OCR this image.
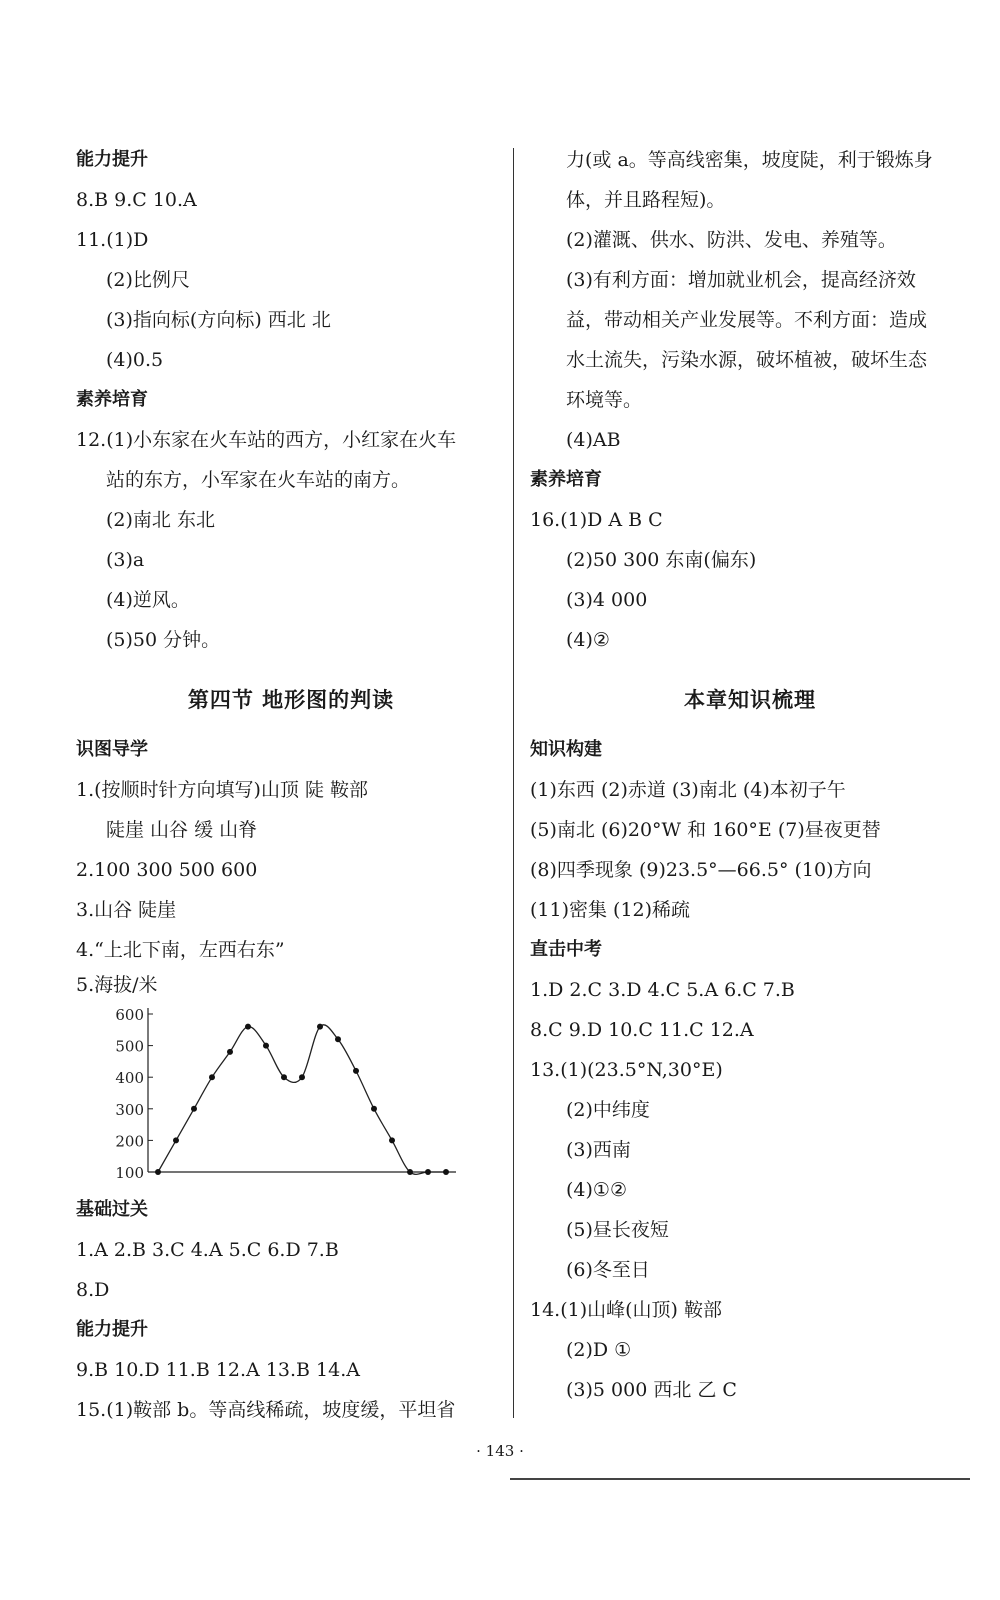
能力提升
8.B 9.C 10.A
11.(1)D
(2)比例尺
(3)指向标(方向标) 西北 北
(4)0.5
素养培育
12.(1)小东家在火车站的西方，小红家在火车
站的东方，小军家在火车站的南方。
(2)南北 东北
(3)a
(4)逆风。
(5)50 分钟。
第四节 地形图的判读
识图导学
1.(按顺时针方向填写)山顶 陡 鞍部
陡崖 山谷 缓 山脊
2.100 300 500 600
3.山谷 陡崖
4.“上北下南，左西右东”
5.海拔/米
100
200
300
400
500
600
基础过关
1.A 2.B 3.C 4.A 5.C 6.D 7.B
8.D
能力提升
9.B 10.D 11.B 12.A 13.B 14.A
15.(1)鞍部 b。等高线稀疏，坡度缓，平坦省
力(或 a。等高线密集，坡度陡，利于锻炼身
体，并且路程短)。
(2)灌溉、供水、防洪、发电、养殖等。
(3)有利方面：增加就业机会，提高经济效
益，带动相关产业发展等。不利方面：造成
水土流失，污染水源，破坏植被，破坏生态
环境等。
(4)AB
素养培育
16.(1)D A B C
(2)50 300 东南(偏东)
(3)4 000
(4)②
本章知识梳理
知识构建
(1)东西 (2)赤道 (3)南北 (4)本初子午
(5)南北 (6)20°W 和 160°E (7)昼夜更替
(8)四季现象 (9)23.5°—66.5° (10)方向
(11)密集 (12)稀疏
直击中考
1.D 2.C 3.D 4.C 5.A 6.C 7.B
8.C 9.D 10.C 11.C 12.A
13.(1)(23.5°N,30°E)
(2)中纬度
(3)西南
(4)①②
(5)昼长夜短
(6)冬至日
14.(1)山峰(山顶) 鞍部
(2)D ①
(3)5 000 西北 乙 C
· 143 ·
